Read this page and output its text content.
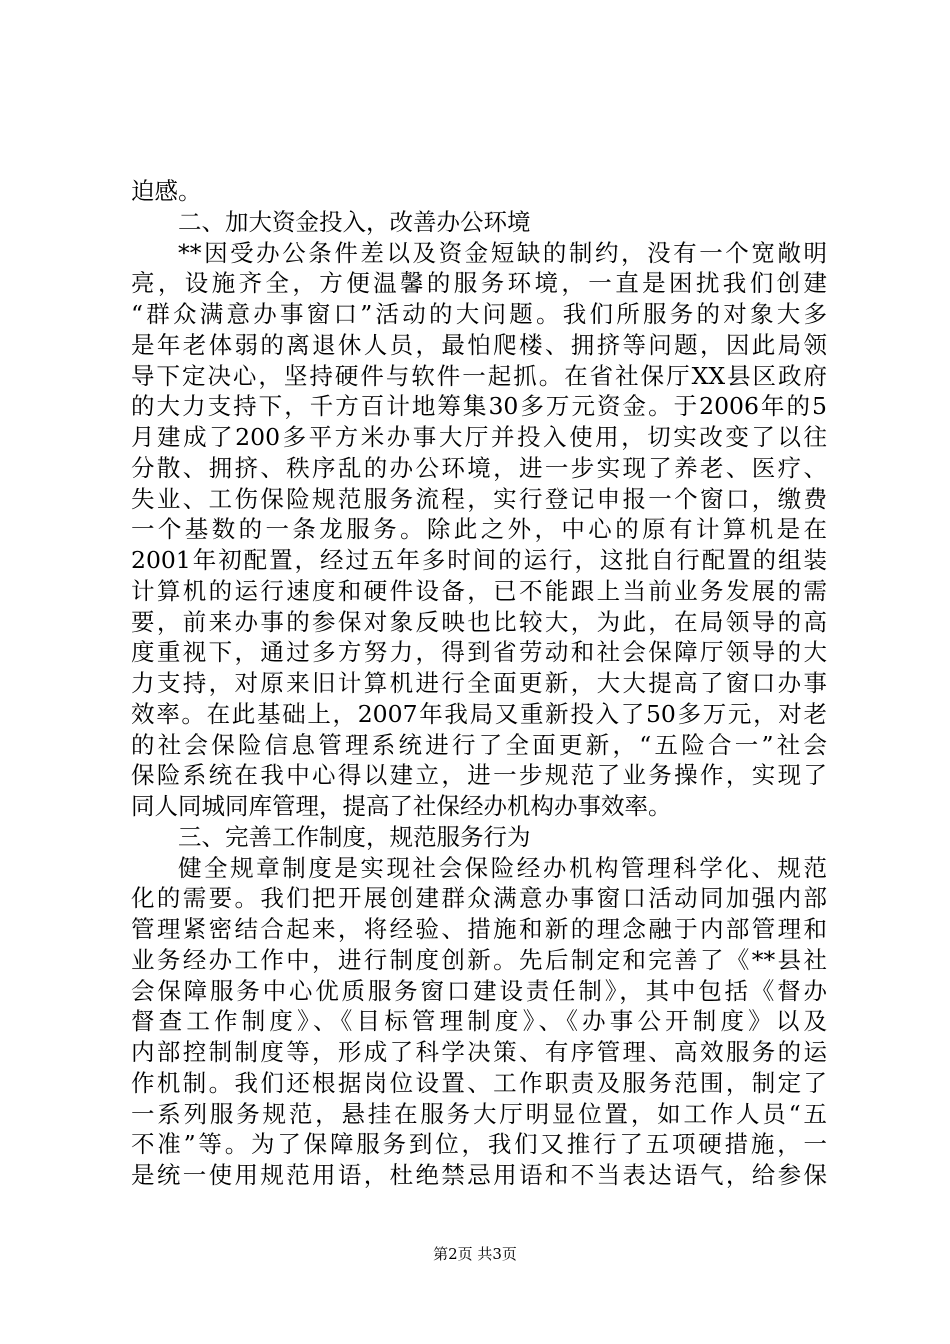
迫感。
二、加大资金投入，改善办公环境
**因受办公条件差以及资金短缺的制约，没有一个宽敞明
亮，设施齐全，方便温馨的服务环境，一直是困扰我们创建
“群众满意办事窗口”活动的大问题。我们所服务的对象大多
是年老体弱的离退休人员，最怕爬楼、拥挤等问题，因此局领
导下定决心，坚持硬件与软件一起抓。在省社保厅XX县区政府
的大力支持下，千方百计地筹集30多万元资金。于2006年的5
月建成了200多平方米办事大厅并投入使用，切实改变了以往
分散、拥挤、秩序乱的办公环境，进一步实现了养老、医疗、
失业、工伤保险规范服务流程，实行登记申报一个窗口，缴费
一个基数的一条龙服务。除此之外，中心的原有计算机是在
2001年初配置，经过五年多时间的运行，这批自行配置的组装
计算机的运行速度和硬件设备，已不能跟上当前业务发展的需
要，前来办事的参保对象反映也比较大，为此，在局领导的高
度重视下，通过多方努力，得到省劳动和社会保障厅领导的大
力支持，对原来旧计算机进行全面更新，大大提高了窗口办事
效率。在此基础上，2007年我局又重新投入了50多万元，对老
的社会保险信息管理系统进行了全面更新，“五险合一”社会
保险系统在我中心得以建立，进一步规范了业务操作，实现了
同人同城同库管理，提高了社保经办机构办事效率。
三、完善工作制度，规范服务行为
健全规章制度是实现社会保险经办机构管理科学化、规范
化的需要。我们把开展创建群众满意办事窗口活动同加强内部
管理紧密结合起来，将经验、措施和新的理念融于内部管理和
业务经办工作中，进行制度创新。先后制定和完善了《**县社
会保障服务中心优质服务窗口建设责任制》，其中包括《督办
督查工作制度》、《目标管理制度》、《办事公开制度》以及
内部控制制度等，形成了科学决策、有序管理、高效服务的运
作机制。我们还根据岗位设置、工作职责及服务范围，制定了
一系列服务规范，悬挂在服务大厅明显位置，如工作人员“五
不准”等。为了保障服务到位，我们又推行了五项硬措施，一
是统一使用规范用语，杜绝禁忌用语和不当表达语气，给参保
第2页 共3页
